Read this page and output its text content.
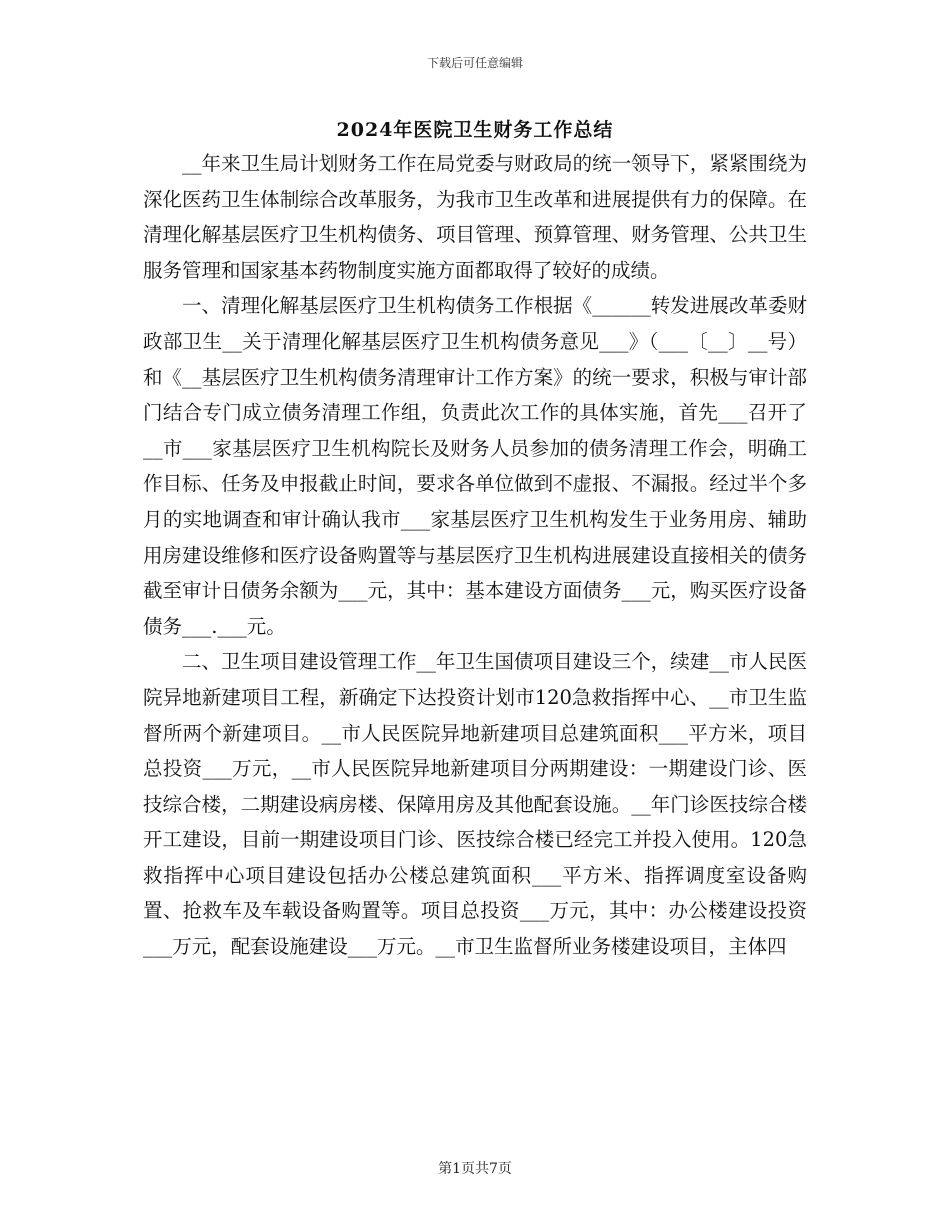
下载后可任意编辑
2024年医院卫生财务工作总结

__年来卫生局计划财务工作在局党委与财政局的统一领导下，紧紧围绕为深化医药卫生体制综合改革服务，为我市卫生改革和进展提供有力的保障。在清理化解基层医疗卫生机构债务、项目管理、预算管理、财务管理、公共卫生服务管理和国家基本药物制度实施方面都取得了较好的成绩。

一、清理化解基层医疗卫生机构债务工作根据《______转发进展改革委财政部卫生__关于清理化解基层医疗卫生机构债务意见___》（___〔__〕__号）和《__基层医疗卫生机构债务清理审计工作方案》的统一要求，积极与审计部门结合专门成立债务清理工作组，负责此次工作的具体实施，首先___召开了__市___家基层医疗卫生机构院长及财务人员参加的债务清理工作会，明确工作目标、任务及申报截止时间，要求各单位做到不虚报、不漏报。经过半个多月的实地调查和审计确认我市___家基层医疗卫生机构发生于业务用房、辅助用房建设维修和医疗设备购置等与基层医疗卫生机构进展建设直接相关的债务截至审计日债务余额为___元，其中：基本建设方面债务___元，购买医疗设备债务___.___元。

二、卫生项目建设管理工作__年卫生国债项目建设三个，续建__市人民医院异地新建项目工程，新确定下达投资计划市120急救指挥中心、__市卫生监督所两个新建项目。__市人民医院异地新建项目总建筑面积___平方米，项目总投资___万元，__市人民医院异地新建项目分两期建设：一期建设门诊、医技综合楼，二期建设病房楼、保障用房及其他配套设施。__年门诊医技综合楼开工建设，目前一期建设项目门诊、医技综合楼已经完工并投入使用。120急救指挥中心项目建设包括办公楼总建筑面积___平方米、指挥调度室设备购置、抢救车及车载设备购置等。项目总投资___万元，其中：办公楼建设投资___万元，配套设施建设___万元。__市卫生监督所业务楼建设项目，主体四

第1页共7页
